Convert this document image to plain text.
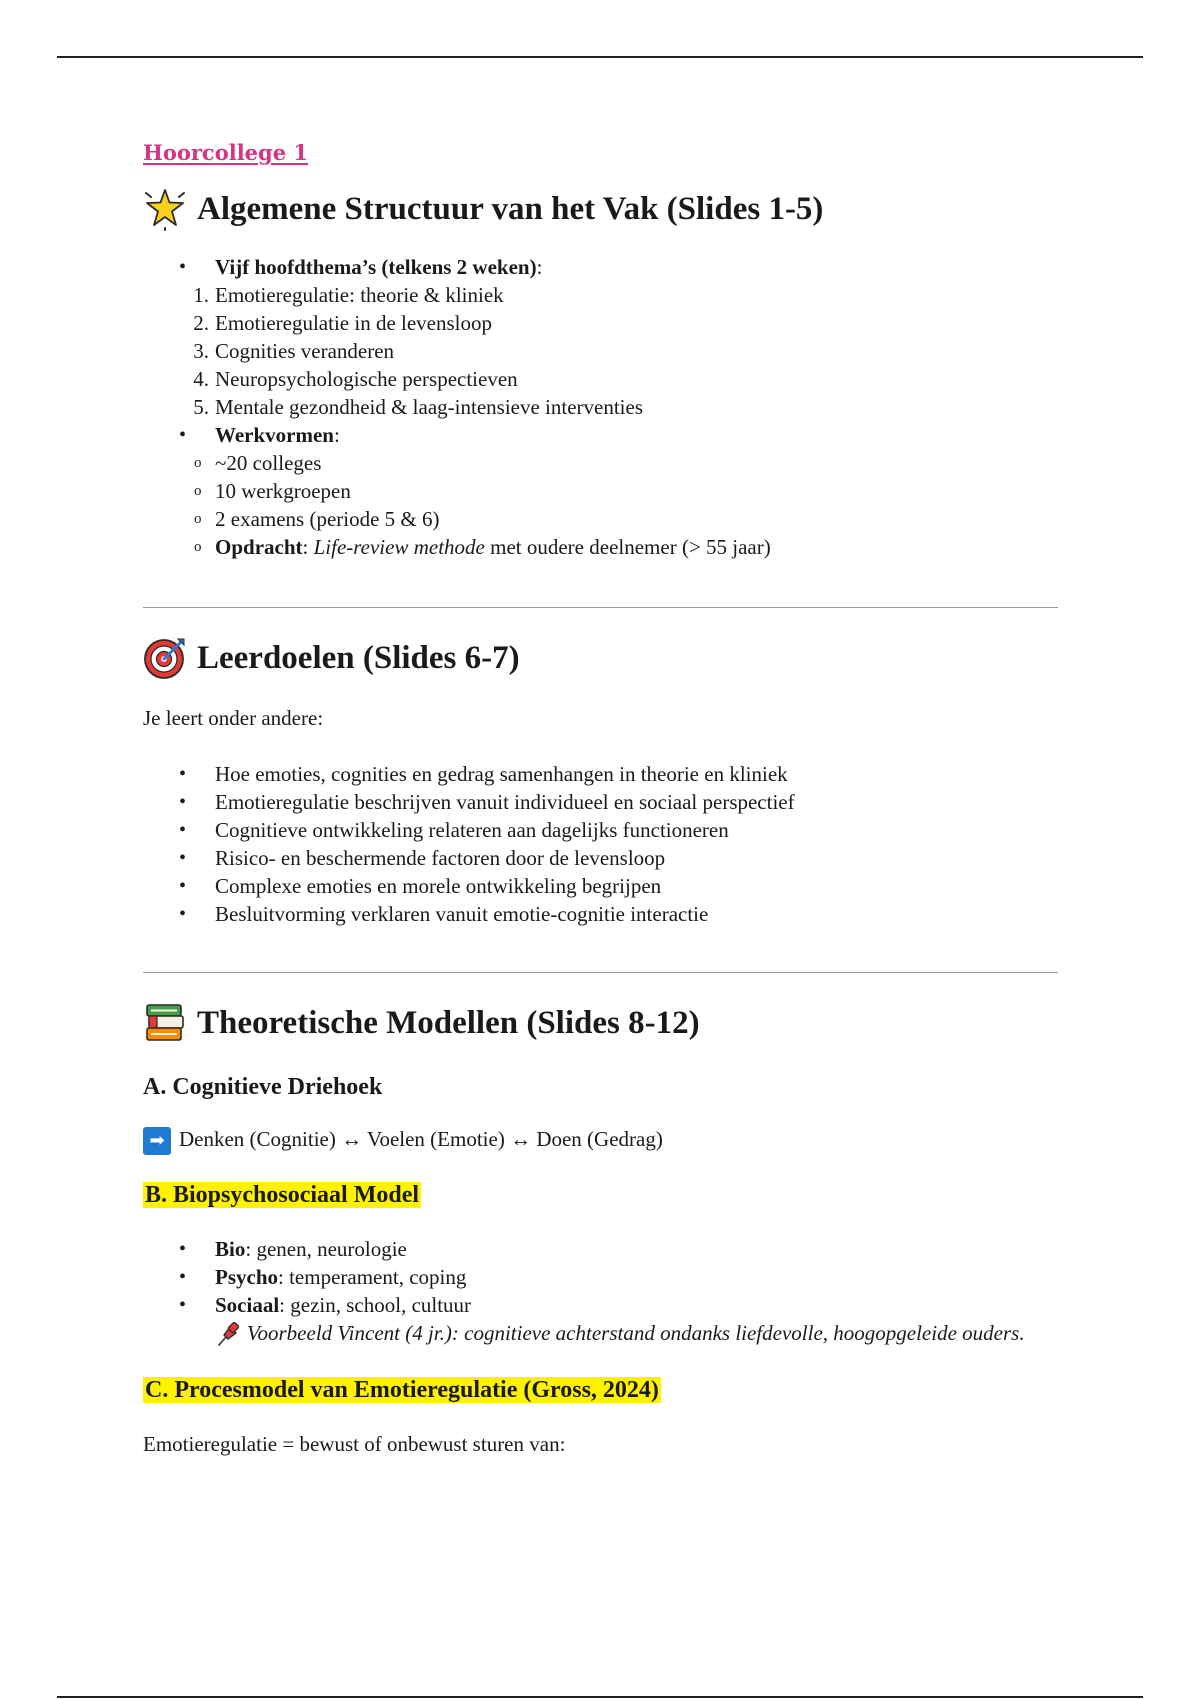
Hoorcollege 1
Algemene Structuur van het Vak (Slides 1-5)
• Vijf hoofdthema’s (telkens 2 weken):
1. Emotieregulatie: theorie & kliniek
2. Emotieregulatie in de levensloop
3. Cognities veranderen
4. Neuropsychologische perspectieven
5. Mentale gezondheid & laag-intensieve interventies
• Werkvormen:
o ~20 colleges
o 10 werkgroepen
o 2 examens (periode 5 & 6)
o Opdracht: Life-review methode met oudere deelnemer (> 55 jaar)
Leerdoelen (Slides 6-7)

Je leert onder andere:

• Hoe emoties, cognities en gedrag samenhangen in theorie en kliniek
• Emotieregulatie beschrijven vanuit individueel en sociaal perspectief
• Cognitieve ontwikkeling relateren aan dagelijks functioneren
• Risico- en beschermende factoren door de levensloop
• Complexe emoties en morele ontwikkeling begrijpen
• Besluitvorming verklaren vanuit emotie-cognitie interactie
Theoretische Modellen (Slides 8-12)
A. Cognitieve Driehoek

➡ Denken (Cognitie) ↔ Voelen (Emotie) ↔ Doen (Gedrag)

B. Biopsychosociaal Model
• Bio: genen, neurologie
• Psycho: temperament, coping
• Sociaal: gezin, school, cultuur
Voorbeeld Vincent (4 jr.): cognitieve achterstand ondanks liefdevolle, hoogopgeleide ouders.
C. Procesmodel van Emotieregulatie (Gross, 2024)

Emotieregulatie = bewust of onbewust sturen van:
